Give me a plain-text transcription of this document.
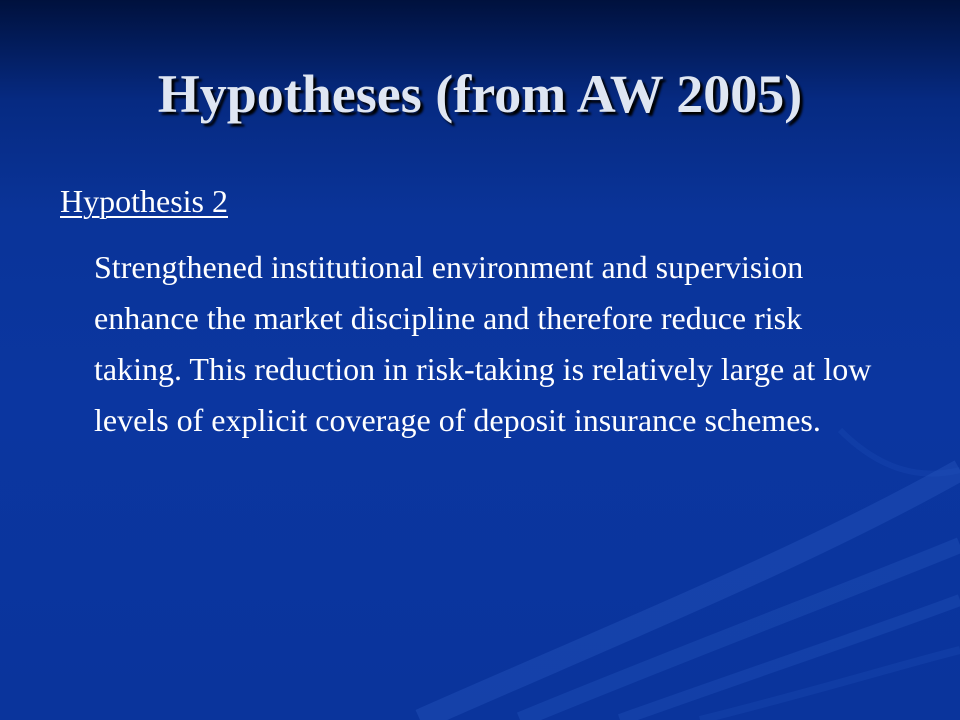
Hypotheses (from AW 2005)
Hypothesis 2

Strengthened institutional environment and supervision enhance the market discipline and therefore reduce risk taking. This reduction in risk-taking is relatively large at low levels of explicit coverage of deposit insurance schemes.
